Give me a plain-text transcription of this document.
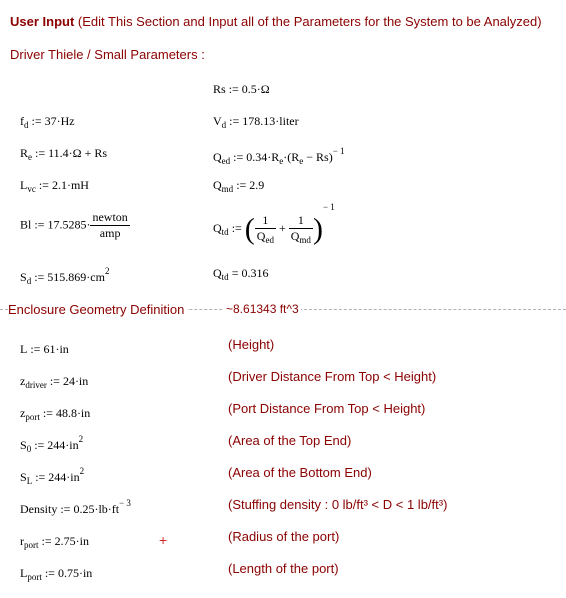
User Input (Edit This Section and Input all of the Parameters for the System to be Analyzed)
Driver Thiele / Small Parameters :
Rs := 0.5·Ω
$f_d$ := 37·Hz	$V_d$ := 178.13·liter
$R_e$ := 11.4·Ω + Rs	$Q_{ed}$ := $0.34\cdot R_e\cdot(R_e - Rs)^{- 1}$
$L_{vc}$ := 2.1·mH	$Q_{md}$ := 2.9
Bl := $17.5285\cdot \frac{\text{newton}}{\text{amp}}$	$Q_{td}$ := ( $\frac{1}{Q_{ed}} + \frac{1}{Q_{md}} )^{- 1}$
$S_d$ := $515.869\cdot cm^2$	$Q_{td} = 0.316$
Enclosure Geometry Definition	~8.61343 ft^3
L := 61·in	(Height)
$z_{driver}$ := 24·in	(Driver Distance From Top < Height)
$z_{port}$ := 48.8·in	(Port Distance From Top < Height)
$S_0$ := $244\cdot in^2$	(Area of the Top End)
$S_L$ := $244\cdot in^2$	(Area of the Bottom End)
Density := $0.25\cdot lb\cdot ft^{- 3}$	(Stuffing density : 0 lb/ft³ < D < 1 lb/ft³)
$r_{port}$ := 2.75·in	(Radius of the port)
$L_{port}$ := 0.75·in	(Length of the port)
+
